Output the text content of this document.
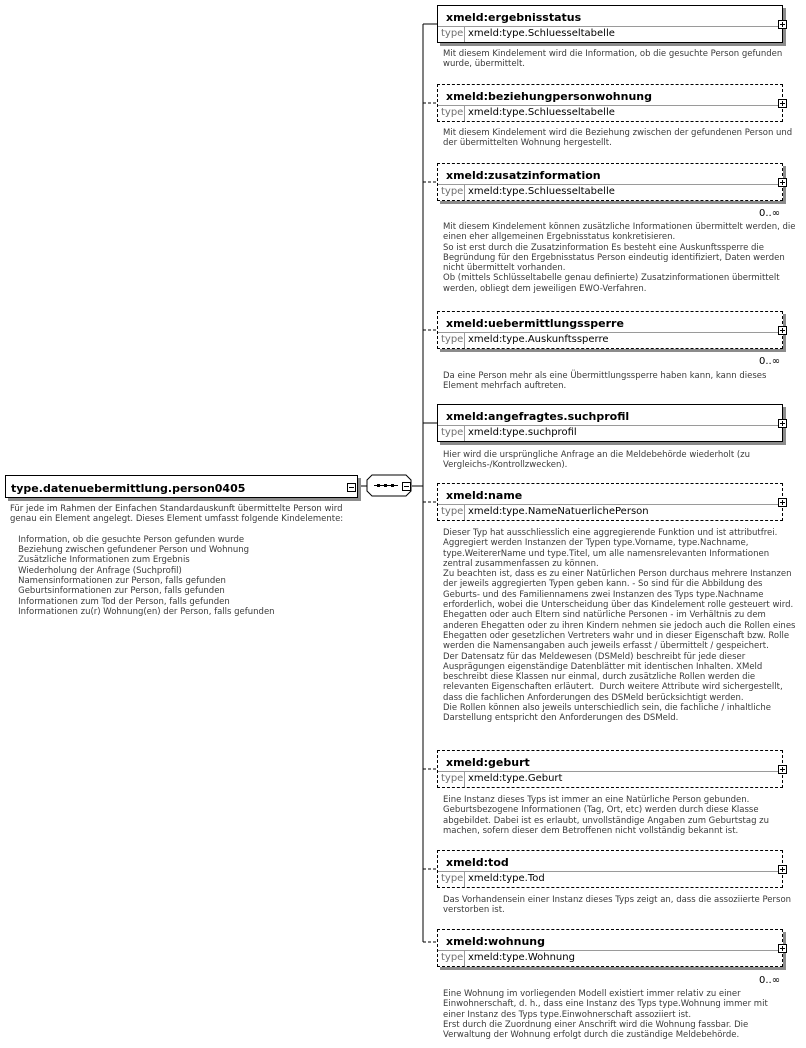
type.datenuebermittlung.person0405
Für jede im Rahmen der Einfachen Standardauskunft übermittelte Person wird
genau ein Element angelegt. Dieses Element umfasst folgende Kindelemente:

Information, ob die gesuchte Person gefunden wurde
Beziehung zwischen gefundener Person und Wohnung
Zusätzliche Informationen zum Ergebnis
Wiederholung der Anfrage (Suchprofil)
Namensinformationen zur Person, falls gefunden
Geburtsinformationen zur Person, falls gefunden
Informationen zum Tod der Person, falls gefunden
Informationen zu(r) Wohnung(en) der Person, falls gefunden
xmeld:ergebnisstatus
type xmeld:type.Schluesseltabelle
Mit diesem Kindelement wird die Information, ob die gesuchte Person gefunden
wurde, übermittelt.
xmeld:beziehungpersonwohnung
type xmeld:type.Schluesseltabelle
Mit diesem Kindelement wird die Beziehung zwischen der gefundenen Person und
der übermittelten Wohnung hergestellt.
xmeld:zusatzinformation
type xmeld:type.Schluesseltabelle
0..∞
Mit diesem Kindelement können zusätzliche Informationen übermittelt werden, die
einen eher allgemeinen Ergebnisstatus konkretisieren.
So ist erst durch die Zusatzinformation Es besteht eine Auskunftssperre die
Begründung für den Ergebnisstatus Person eindeutig identifiziert, Daten werden
nicht übermittelt vorhanden.
Ob (mittels Schlüsseltabelle genau definierte) Zusatzinformationen übermittelt
werden, obliegt dem jeweiligen EWO-Verfahren.
xmeld:uebermittlungssperre
type xmeld:type.Auskunftssperre
0..∞
Da eine Person mehr als eine Übermittlungssperre haben kann, kann dieses
Element mehrfach auftreten.
xmeld:angefragtes.suchprofil
type xmeld:type.suchprofil
Hier wird die ursprüngliche Anfrage an die Meldebehörde wiederholt (zu
Vergleichs-/Kontrollzwecken).
xmeld:name
type xmeld:type.NameNatuerlichePerson
Dieser Typ hat ausschliesslich eine aggregierende Funktion und ist attributfrei.
Aggregiert werden Instanzen der Typen type.Vorname, type.Nachname,
type.WeitererName und type.Titel, um alle namensrelevanten Informationen
zentral zusammenfassen zu können.
Zu beachten ist, dass es zu einer Natürlichen Person durchaus mehrere Instanzen
der jeweils aggregierten Typen geben kann. - So sind für die Abbildung des
Geburts- und des Familiennamens zwei Instanzen des Typs type.Nachname
erforderlich, wobei die Unterscheidung über das Kindelement rolle gesteuert wird.
Ehegatten oder auch Eltern sind natürliche Personen - im Verhältnis zu dem
anderen Ehegatten oder zu ihren Kindern nehmen sie jedoch auch die Rollen eines
Ehegatten oder gesetzlichen Vertreters wahr und in dieser Eigenschaft bzw. Rolle
werden die Namensangaben auch jeweils erfasst / übermittelt / gespeichert.
Der Datensatz für das Meldewesen (DSMeld) beschreibt für jede dieser
Ausprägungen eigenständige Datenblätter mit identischen Inhalten. XMeld
beschreibt diese Klassen nur einmal, durch zusätzliche Rollen werden die
relevanten Eigenschaften erläutert.  Durch weitere Attribute wird sichergestellt,
dass die fachlichen Anforderungen des DSMeld berücksichtigt werden.
Die Rollen können also jeweils unterschiedlich sein, die fachliche / inhaltliche
Darstellung entspricht den Anforderungen des DSMeld.
xmeld:geburt
type xmeld:type.Geburt
Eine Instanz dieses Typs ist immer an eine Natürliche Person gebunden.
Geburtsbezogene Informationen (Tag, Ort, etc) werden durch diese Klasse
abgebildet. Dabei ist es erlaubt, unvollständige Angaben zum Geburtstag zu
machen, sofern dieser dem Betroffenen nicht vollständig bekannt ist.
xmeld:tod
type xmeld:type.Tod
Das Vorhandensein einer Instanz dieses Typs zeigt an, dass die assoziierte Person
verstorben ist.
xmeld:wohnung
type xmeld:type.Wohnung
0..∞
Eine Wohnung im vorliegenden Modell existiert immer relativ zu einer
Einwohnerschaft, d. h., dass eine Instanz des Typs type.Wohnung immer mit
einer Instanz des Typs type.Einwohnerschaft assoziiert ist.
Erst durch die Zuordnung einer Anschrift wird die Wohnung fassbar. Die
Verwaltung der Wohnung erfolgt durch die zuständige Meldebehörde.
